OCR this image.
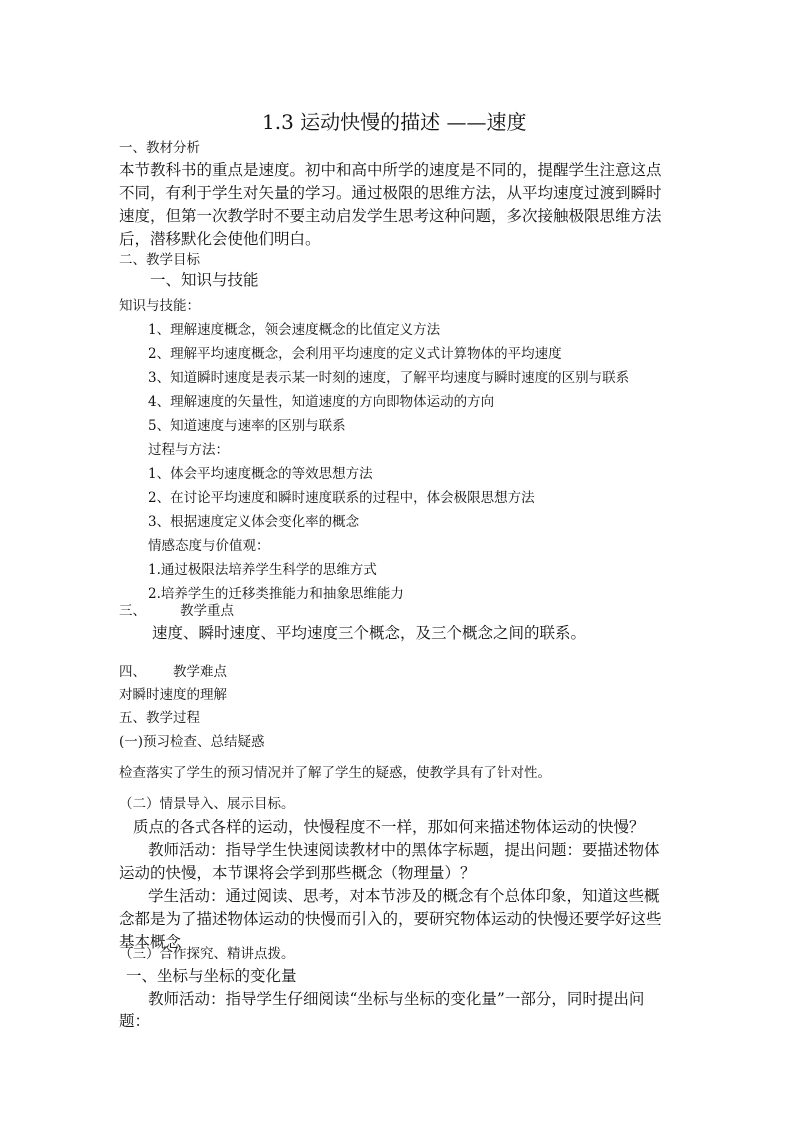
1.3 运动快慢的描述 ——速度
一、教材分析
本节教科书的重点是速度。初中和高中所学的速度是不同的，提醒学生注意这点
不同，有利于学生对矢量的学习。通过极限的思维方法，从平均速度过渡到瞬时
速度，但第一次教学时不要主动启发学生思考这种问题，多次接触极限思维方法
后，潜移默化会使他们明白。
二、教学目标
一、知识与技能
知识与技能：
1、理解速度概念，领会速度概念的比值定义方法
2、理解平均速度概念，会利用平均速度的定义式计算物体的平均速度
3、知道瞬时速度是表示某一时刻的速度，了解平均速度与瞬时速度的区别与联系
4、理解速度的矢量性，知道速度的方向即物体运动的方向
5、知道速度与速率的区别与联系
过程与方法：
1、体会平均速度概念的等效思想方法
2、在讨论平均速度和瞬时速度联系的过程中，体会极限思想方法
3、根据速度定义体会变化率的概念
情感态度与价值观：
1.通过极限法培养学生科学的思维方式
2.培养学生的迁移类推能力和抽象思维能力
三、	教学重点
速度、瞬时速度、平均速度三个概念，及三个概念之间的联系。
四、 教学难点
对瞬时速度的理解
五、教学过程
(一)预习检查、总结疑惑
检查落实了学生的预习情况并了解了学生的疑惑，使教学具有了针对性。
（二）情景导入、展示目标。
质点的各式各样的运动，快慢程度不一样，那如何来描述物体运动的快慢？
教师活动：指导学生快速阅读教材中的黑体字标题，提出问题：要描述物体
运动的快慢，本节课将会学到那些概念（物理量）？
学生活动：通过阅读、思考，对本节涉及的概念有个总体印象，知道这些概
念都是为了描述物体运动的快慢而引入的，要研究物体运动的快慢还要学好这些
基本概念
（三）合作探究、精讲点拨。
一、坐标与坐标的变化量
教师活动：指导学生仔细阅读“坐标与坐标的变化量”一部分，同时提出问
题：
